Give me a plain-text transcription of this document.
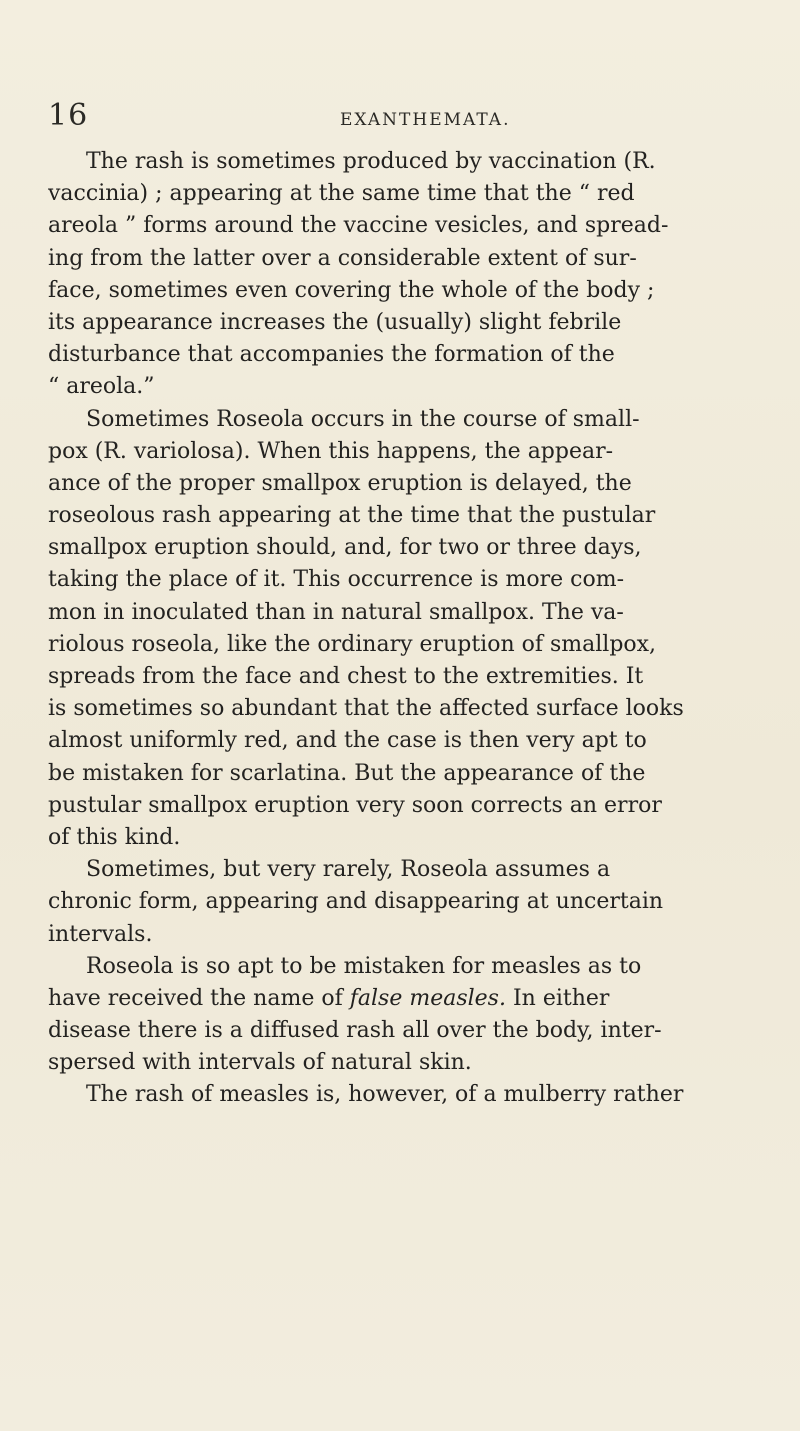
16	EXANTHEMATA.
The rash is sometimes produced by vaccination (R.
vaccinia) ; appearing at the same time that the “ red
areola ” forms around the vaccine vesicles, and spread-
ing from the latter over a considerable extent of sur-
face, sometimes even covering the whole of the body ;
its appearance increases the (usually) slight febrile
disturbance that accompanies the formation of the
“ areola.”
Sometimes Roseola occurs in the course of small-
pox (R. variolosa). When this happens, the appear-
ance of the proper smallpox eruption is delayed, the
roseolous rash appearing at the time that the pustular
smallpox eruption should, and, for two or three days,
taking the place of it. This occurrence is more com-
mon in inoculated than in natural smallpox. The va-
riolous roseola, like the ordinary eruption of smallpox,
spreads from the face and chest to the extremities. It
is sometimes so abundant that the affected surface looks
almost uniformly red, and the case is then very apt to
be mistaken for scarlatina. But the appearance of the
pustular smallpox eruption very soon corrects an error
of this kind.
Sometimes, but very rarely, Roseola assumes a
chronic form, appearing and disappearing at uncertain
intervals.
Roseola is so apt to be mistaken for measles as to
have received the name of false measles. In either
disease there is a diffused rash all over the body, inter-
spersed with intervals of natural skin.
The rash of measles is, however, of a mulberry rather
